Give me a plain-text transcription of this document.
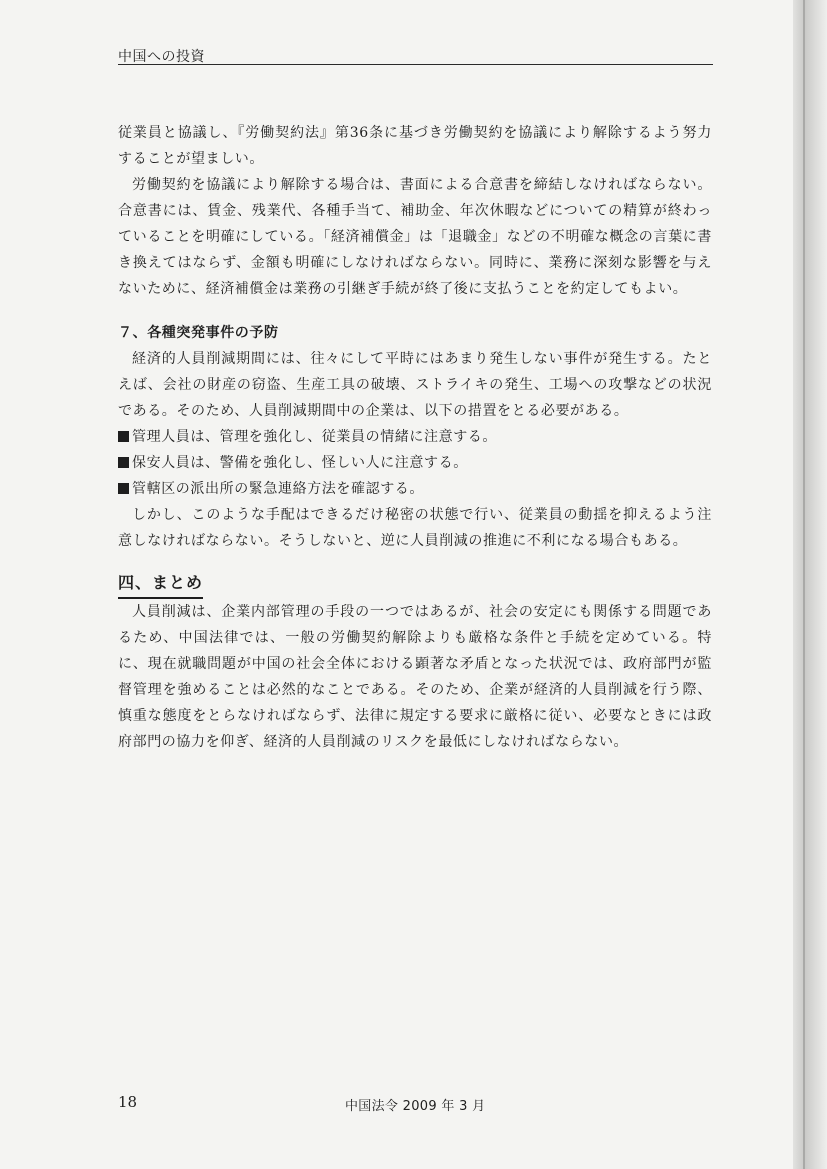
中国への投資

従業員と協議し、『労働契約法』第36条に基づき労働契約を協議により解除するよう努力することが望ましい。

労働契約を協議により解除する場合は、書面による合意書を締結しなければならない。合意書には、賃金、残業代、各種手当て、補助金、年次休暇などについての精算が終わっていることを明確にしている。「経済補償金」は「退職金」などの不明確な概念の言葉に書き換えてはならず、金額も明確にしなければならない。同時に、業務に深刻な影響を与えないために、経済補償金は業務の引継ぎ手続が終了後に支払うことを約定してもよい。

７、各種突発事件の予防

経済的人員削減期間には、往々にして平時にはあまり発生しない事件が発生する。たとえば、会社の財産の窃盗、生産工具の破壊、ストライキの発生、工場への攻撃などの状況である。そのため、人員削減期間中の企業は、以下の措置をとる必要がある。

管理人員は、管理を強化し、従業員の情緒に注意する。

保安人員は、警備を強化し、怪しい人に注意する。

管轄区の派出所の緊急連絡方法を確認する。

しかし、このような手配はできるだけ秘密の状態で行い、従業員の動揺を抑えるよう注意しなければならない。そうしないと、逆に人員削減の推進に不利になる場合もある。

四、まとめ

人員削減は、企業内部管理の手段の一つではあるが、社会の安定にも関係する問題であるため、中国法律では、一般の労働契約解除よりも厳格な条件と手続を定めている。特に、現在就職問題が中国の社会全体における顕著な矛盾となった状況では、政府部門が監督管理を強めることは必然的なことである。そのため、企業が経済的人員削減を行う際、慎重な態度をとらなければならず、法律に規定する要求に厳格に従い、必要なときには政府部門の協力を仰ぎ、経済的人員削減のリスクを最低にしなければならない。

18	中国法令 2009 年 3 月
